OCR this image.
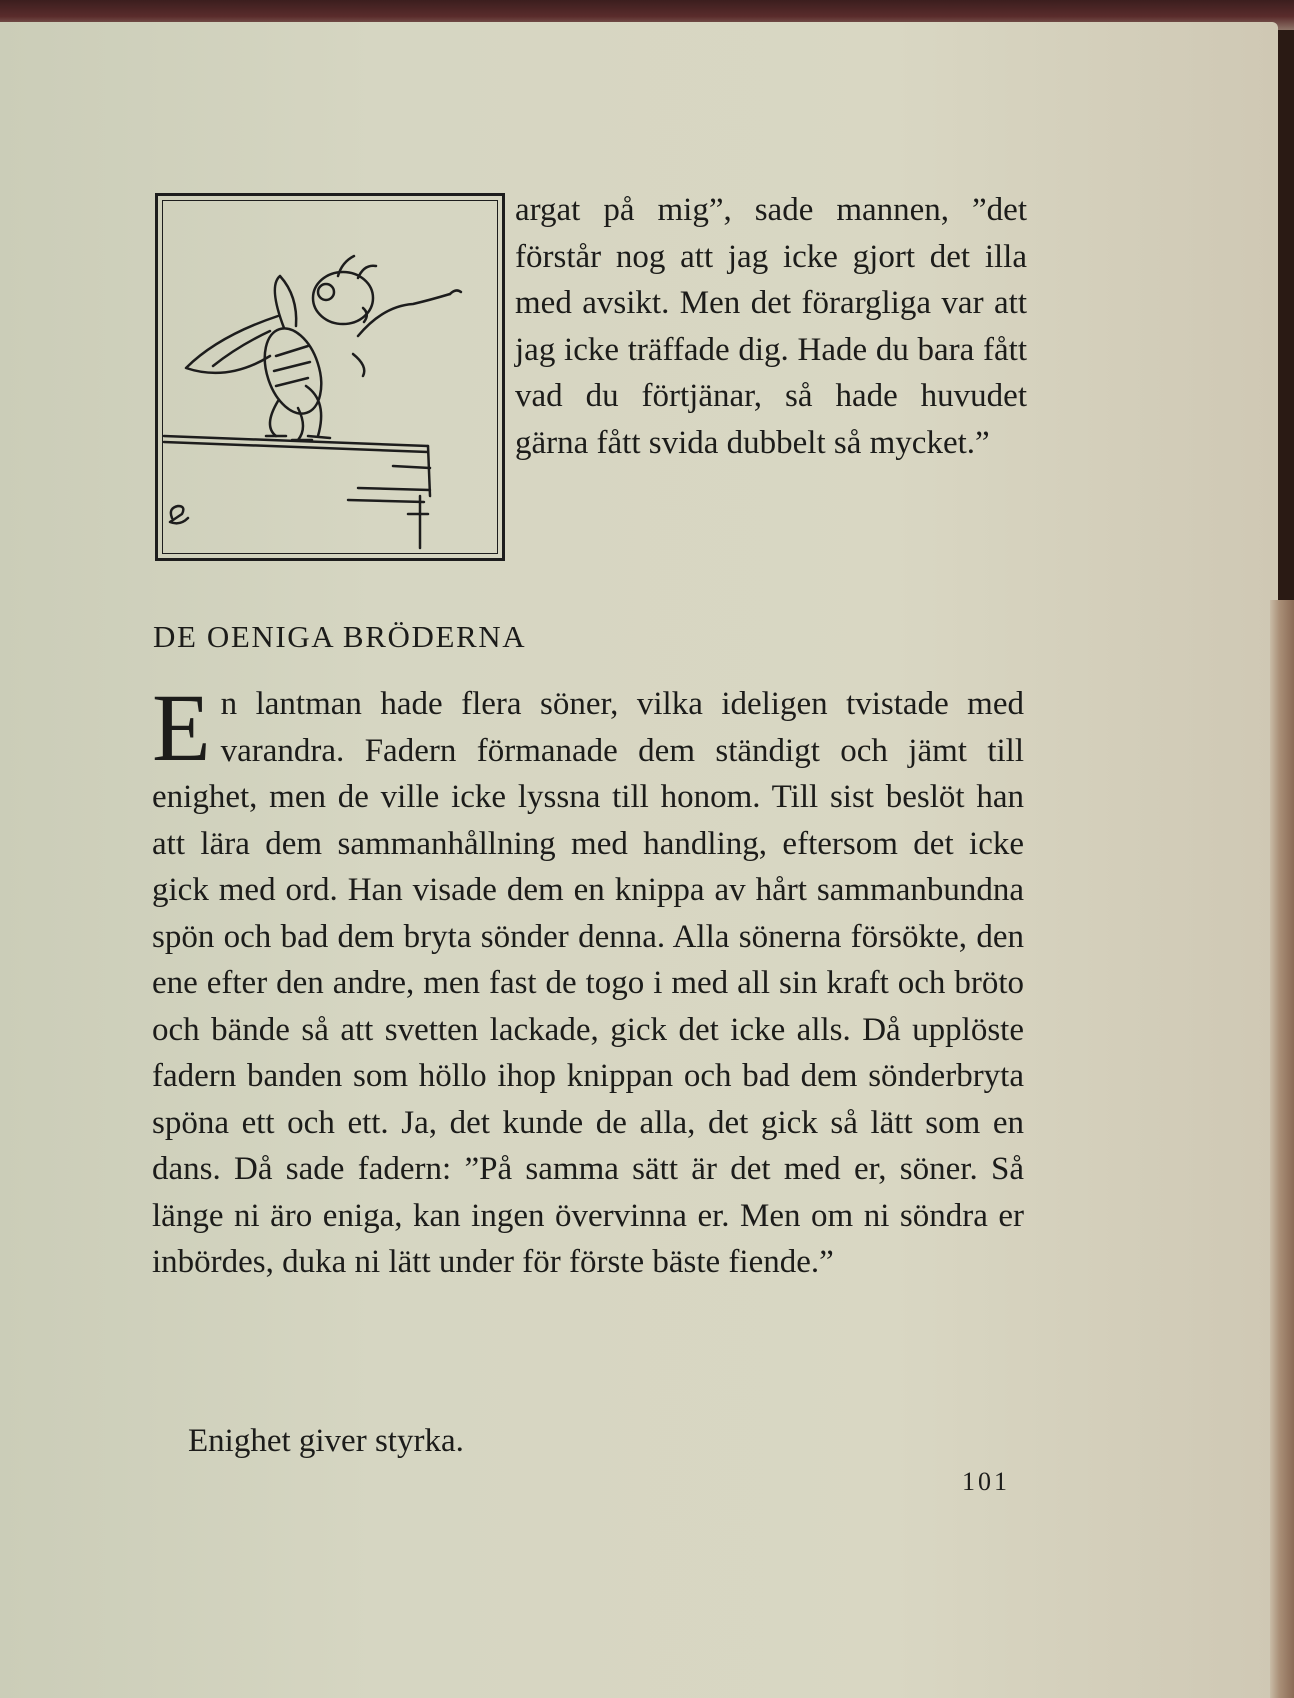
argat på mig”, sade mannen, ”det förstår nog att jag icke gjort det illa med avsikt. Men det förargliga var att jag icke träffade dig. Hade du bara fått vad du förtjänar, så hade huvudet gärna fått svida dubbelt så mycket.”

DE OENIGA BRÖDERNA

En lantman hade flera söner, vilka ideligen tvistade med varandra. Fadern förmanade dem ständigt och jämt till enighet, men de ville icke lyssna till honom. Till sist beslöt han att lära dem sammanhållning med handling, eftersom det icke gick med ord. Han visade dem en knippa av hårt sammanbundna spön och bad dem bryta sönder denna. Alla sönerna försökte, den ene efter den andre, men fast de togo i med all sin kraft och bröto och bände så att svetten lackade, gick det icke alls. Då upplöste fadern banden som höllo ihop knippan och bad dem sönderbryta spöna ett och ett. Ja, det kunde de alla, det gick så lätt som en dans. Då sade fadern: ”På samma sätt är det med er, söner. Så länge ni äro eniga, kan ingen övervinna er. Men om ni söndra er inbördes, duka ni lätt under för förste bäste fiende.”

Enighet giver styrka.

101
